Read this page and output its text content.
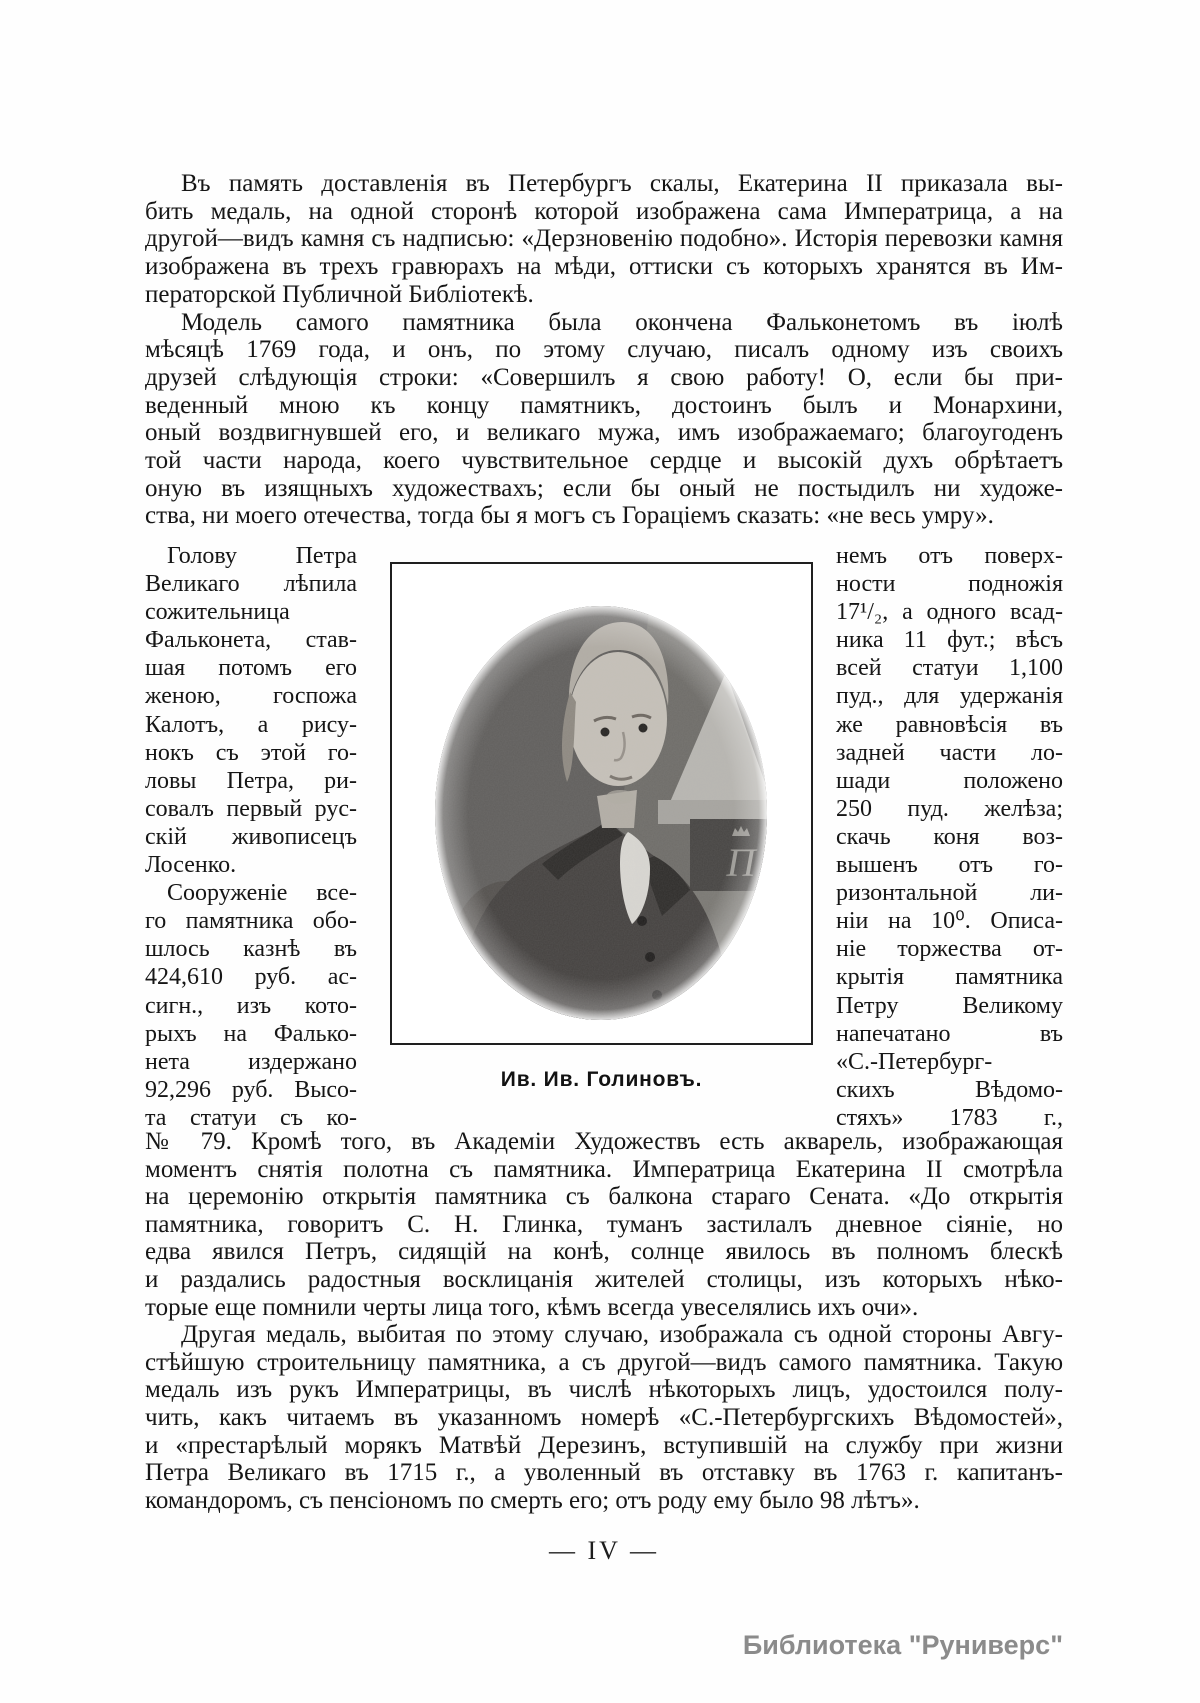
Въ память доставленія въ Петербургъ скалы, Екатерина II приказала вы-
бить медаль, на одной сторонѣ которой изображена сама Императрица, а на
другой—видъ камня съ надписью: «Дерзновенію подобно». Исторія перевозки камня
изображена въ трехъ гравюрахъ на мѣди, оттиски съ которыхъ хранятся въ Им-
ператорской Публичной Библіотекѣ.
Модель самого памятника была окончена Фальконетомъ въ іюлѣ
мѣсяцѣ 1769 года, и онъ, по этому случаю, писалъ одному изъ своихъ
друзей слѣдующія строки: «Совершилъ я свою работу! О, если бы при-
веденный мною къ концу памятникъ, достоинъ былъ и Монархини,
оный воздвигнувшей его, и великаго мужа, имъ изображаемаго; благоугоденъ
той части народа, коего чувствительное сердце и высокій духъ обрѣтаетъ
оную въ изящныхъ художествахъ; если бы оный не постыдилъ ни художе-
ства, ни моего отечества, тогда бы я могъ съ Гораціемъ сказать: «не весь умру».
Голову Петра
Великаго лѣпила
сожительница
Фальконета, став-
шая потомъ его
женою, госпожа
Калотъ, а рису-
нокъ съ этой го-
ловы Петра, ри-
совалъ первый рус-
скій живописецъ
Лосенко.
Сооруженіе все-
го памятника обо-
шлось казнѣ въ
424,610 руб. ас-
сигн., изъ кото-
рыхъ на Фалько-
нета издержано
92,296 руб. Высо-
та статуи съ ко-
немъ отъ поверх-
ности подножія
17¹/₂, а одного всад-
ника 11 фут.; вѣсъ
всей статуи 1,100
пуд., для удержанія
же равновѣсія въ
задней части ло-
шади положено
250 пуд. желѣза;
скачь коня воз-
вышенъ отъ го-
ризонтальной ли-
ніи на 10⁰. Описа-
ніе торжества от-
крытія памятника
Петру Великому
напечатано въ
«С.-Петербург-
скихъ Вѣдомо-
стяхъ» 1783 г.,
Ив. Ив. Голиновъ.
№ 79. Кромѣ того, въ Академіи Художествъ есть акварель, изображающая
моментъ снятія полотна съ памятника. Императрица Екатерина II смотрѣла
на церемонію открытія памятника съ балкона стараго Сената. «До открытія
памятника, говоритъ С. Н. Глинка, туманъ застилалъ дневное сіяніе, но
едва явился Петръ, сидящій на конѣ, солнце явилось въ полномъ блескѣ
и раздались радостныя восклицанія жителей столицы, изъ которыхъ нѣко-
торые еще помнили черты лица того, кѣмъ всегда увеселялись ихъ очи».
Другая медаль, выбитая по этому случаю, изображала съ одной стороны Авгу-
стѣйшую строительницу памятника, а съ другой—видъ самого памятника. Такую
медаль изъ рукъ Императрицы, въ числѣ нѣкоторыхъ лицъ, удостоился полу-
чить, какъ читаемъ въ указанномъ номерѣ «С.-Петербургскихъ Вѣдомостей»,
и «престарѣлый морякъ Матвѣй Дерезинъ, вступившій на службу при жизни
Петра Великаго въ 1715 г., а уволенный въ отставку въ 1763 г. капитанъ-
командоромъ, съ пенсіономъ по смерть его; отъ роду ему было 98 лѣтъ».
— IV —
Библиотека "Руниверс"
